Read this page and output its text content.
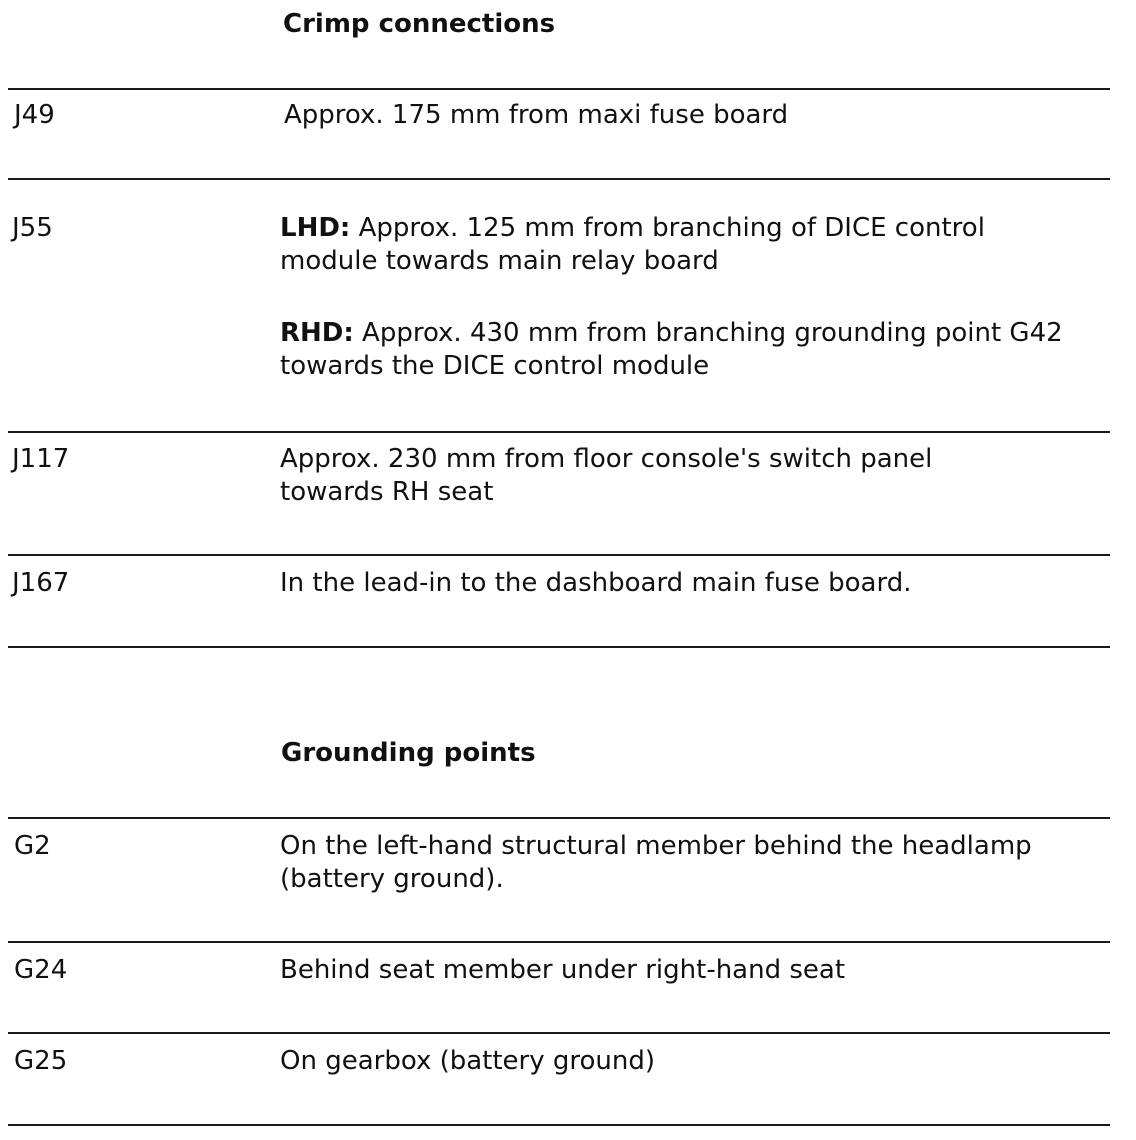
Crimp connections
J49	Approx. 175 mm from maxi fuse board
J55	LHD: Approx. 125 mm from branching of DICE control module towards main relay board
RHD: Approx. 430 mm from branching grounding point G42 towards the DICE control module
J117	Approx. 230 mm from floor console's switch panel towards RH seat
J167	In the lead-in to the dashboard main fuse board.
Grounding points
G2	On the left-hand structural member behind the headlamp (battery ground).
G24	Behind seat member under right-hand seat
G25	On gearbox (battery ground)
